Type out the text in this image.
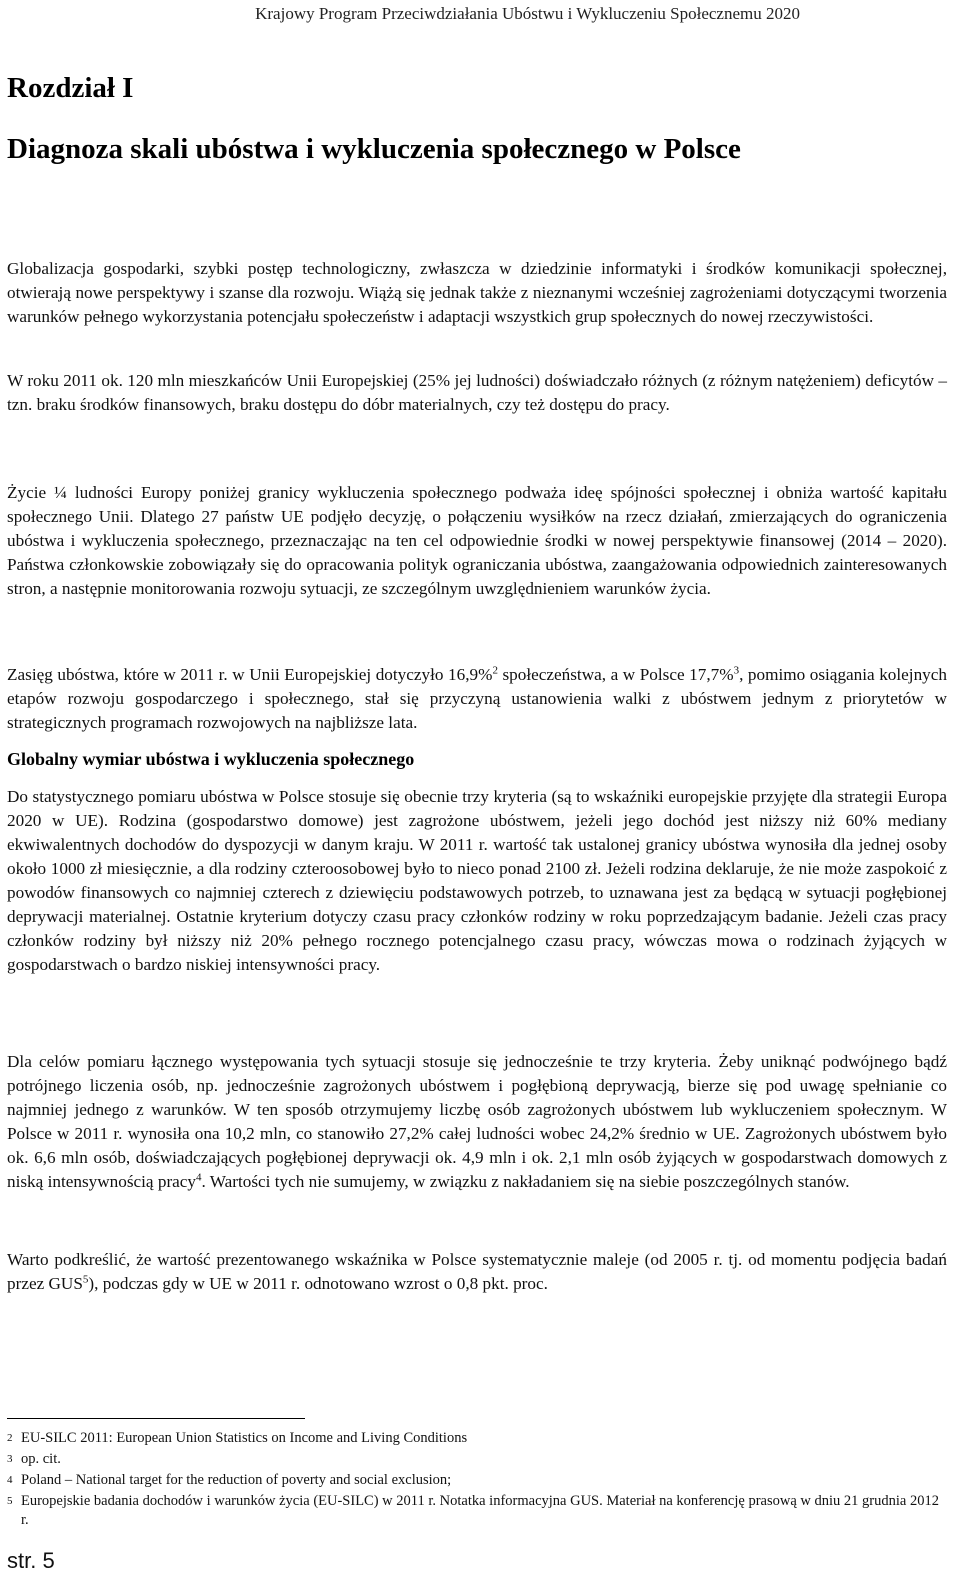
Krajowy Program Przeciwdziałania Ubóstwu i Wykluczeniu Społecznemu 2020
Rozdział I
Diagnoza skali ubóstwa i wykluczenia społecznego w Polsce

Globalizacja gospodarki, szybki postęp technologiczny, zwłaszcza w dziedzinie informatyki i środków komunikacji społecznej, otwierają nowe perspektywy i szanse dla rozwoju. Wiążą się jednak także z nieznanymi wcześniej zagrożeniami dotyczącymi tworzenia warunków pełnego wykorzystania potencjału społeczeństw i adaptacji wszystkich grup społecznych do nowej rzeczywistości.

W roku 2011 ok. 120 mln mieszkańców Unii Europejskiej (25% jej ludności) doświadczało różnych (z różnym natężeniem) deficytów – tzn. braku środków finansowych, braku dostępu do dóbr materialnych, czy też dostępu do pracy.

Życie ¼ ludności Europy poniżej granicy wykluczenia społecznego podważa ideę spójności społecznej i obniża wartość kapitału społecznego Unii. Dlatego 27 państw UE podjęło decyzję, o połączeniu wysiłków na rzecz działań, zmierzających do ograniczenia ubóstwa i wykluczenia społecznego, przeznaczając na ten cel odpowiednie środki w nowej perspektywie finansowej (2014 – 2020). Państwa członkowskie zobowiązały się do opracowania polityk ograniczania ubóstwa, zaangażowania odpowiednich zainteresowanych stron, a następnie monitorowania rozwoju sytuacji, ze szczególnym uwzględnieniem warunków życia.

Zasięg ubóstwa, które w 2011 r. w Unii Europejskiej dotyczyło 16,9%$^2$ społeczeństwa, a w Polsce 17,7%$^3$, pomimo osiągania kolejnych etapów rozwoju gospodarczego i społecznego, stał się przyczyną ustanowienia walki z ubóstwem jednym z priorytetów w strategicznych programach rozwojowych na najbliższe lata.

Globalny wymiar ubóstwa i wykluczenia społecznego

Do statystycznego pomiaru ubóstwa w Polsce stosuje się obecnie trzy kryteria (są to wskaźniki europejskie przyjęte dla strategii Europa 2020 w UE). Rodzina (gospodarstwo domowe) jest zagrożone ubóstwem, jeżeli jego dochód jest niższy niż 60% mediany ekwiwalentnych dochodów do dyspozycji w danym kraju. W 2011 r. wartość tak ustalonej granicy ubóstwa wynosiła dla jednej osoby około 1000 zł miesięcznie, a dla rodziny czteroosobowej było to nieco ponad 2100 zł. Jeżeli rodzina deklaruje, że nie może zaspokoić z powodów finansowych co najmniej czterech z dziewięciu podstawowych potrzeb, to uznawana jest za będącą w sytuacji pogłębionej deprywacji materialnej. Ostatnie kryterium dotyczy czasu pracy członków rodziny w roku poprzedzającym badanie. Jeżeli czas pracy członków rodziny był niższy niż 20% pełnego rocznego potencjalnego czasu pracy, wówczas mowa o rodzinach żyjących w gospodarstwach o bardzo niskiej intensywności pracy.

Dla celów pomiaru łącznego występowania tych sytuacji stosuje się jednocześnie te trzy kryteria. Żeby uniknąć podwójnego bądź potrójnego liczenia osób, np. jednocześnie zagrożonych ubóstwem i pogłębioną deprywacją, bierze się pod uwagę spełnianie co najmniej jednego z warunków. W ten sposób otrzymujemy liczbę osób zagrożonych ubóstwem lub wykluczeniem społecznym. W Polsce w 2011 r. wynosiła ona 10,2 mln, co stanowiło 27,2% całej ludności wobec 24,2% średnio w UE. Zagrożonych ubóstwem było ok. 6,6 mln osób, doświadczających pogłębionej deprywacji ok. 4,9 mln i ok. 2,1 mln osób żyjących w gospodarstwach domowych z niską intensywnością pracy$^4$. Wartości tych nie sumujemy, w związku z nakładaniem się na siebie poszczególnych stanów.

Warto podkreślić, że wartość prezentowanego wskaźnika w Polsce systematycznie maleje (od 2005 r. tj. od momentu podjęcia badań przez GUS$^5$), podczas gdy w UE w 2011 r. odnotowano wzrost o 0,8 pkt. proc.

2 EU-SILC 2011: European Union Statistics on Income and Living Conditions
3 op. cit.
4 Poland – National target for the reduction of poverty and social exclusion;
5 Europejskie badania dochodów i warunków życia (EU-SILC) w 2011 r. Notatka informacyjna GUS. Materiał na konferencję prasową w dniu 21 grudnia 2012 r.
str. 5
